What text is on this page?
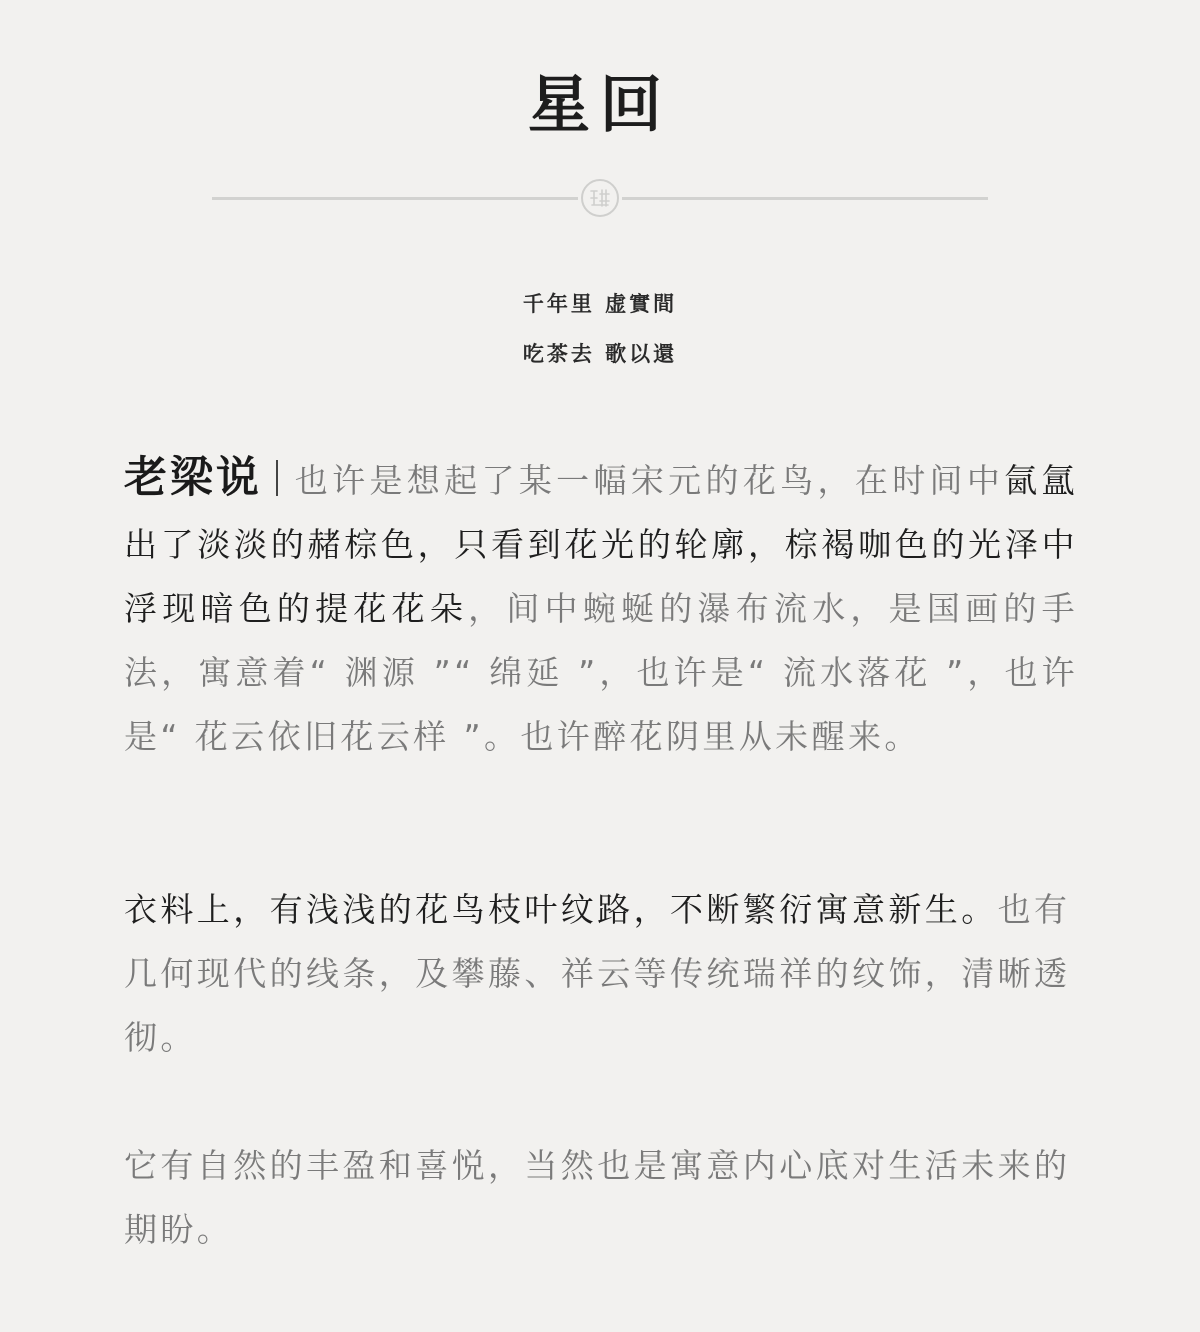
星回
千年里 虚實間
吃茶去 歌以還
老梁说 也许是想起了某一幅宋元的花鸟，在时间中氤氲出了淡淡的赭棕色，只看到花光的轮廓，棕褐咖色的光泽中浮现暗色的提花花朵，间中蜿蜒的瀑布流水，是国画的手法，寓意着“ 渊源 ”“ 绵延 ”，也许是“ 流水落花 ”，也许是“ 花云依旧花云样 ”。也许醉花阴里从未醒来。
衣料上，有浅浅的花鸟枝叶纹路，不断繁衍寓意新生。也有几何现代的线条，及攀藤、祥云等传统瑞祥的纹饰，清晰透彻。
它有自然的丰盈和喜悦，当然也是寓意内心底对生活未来的期盼。
